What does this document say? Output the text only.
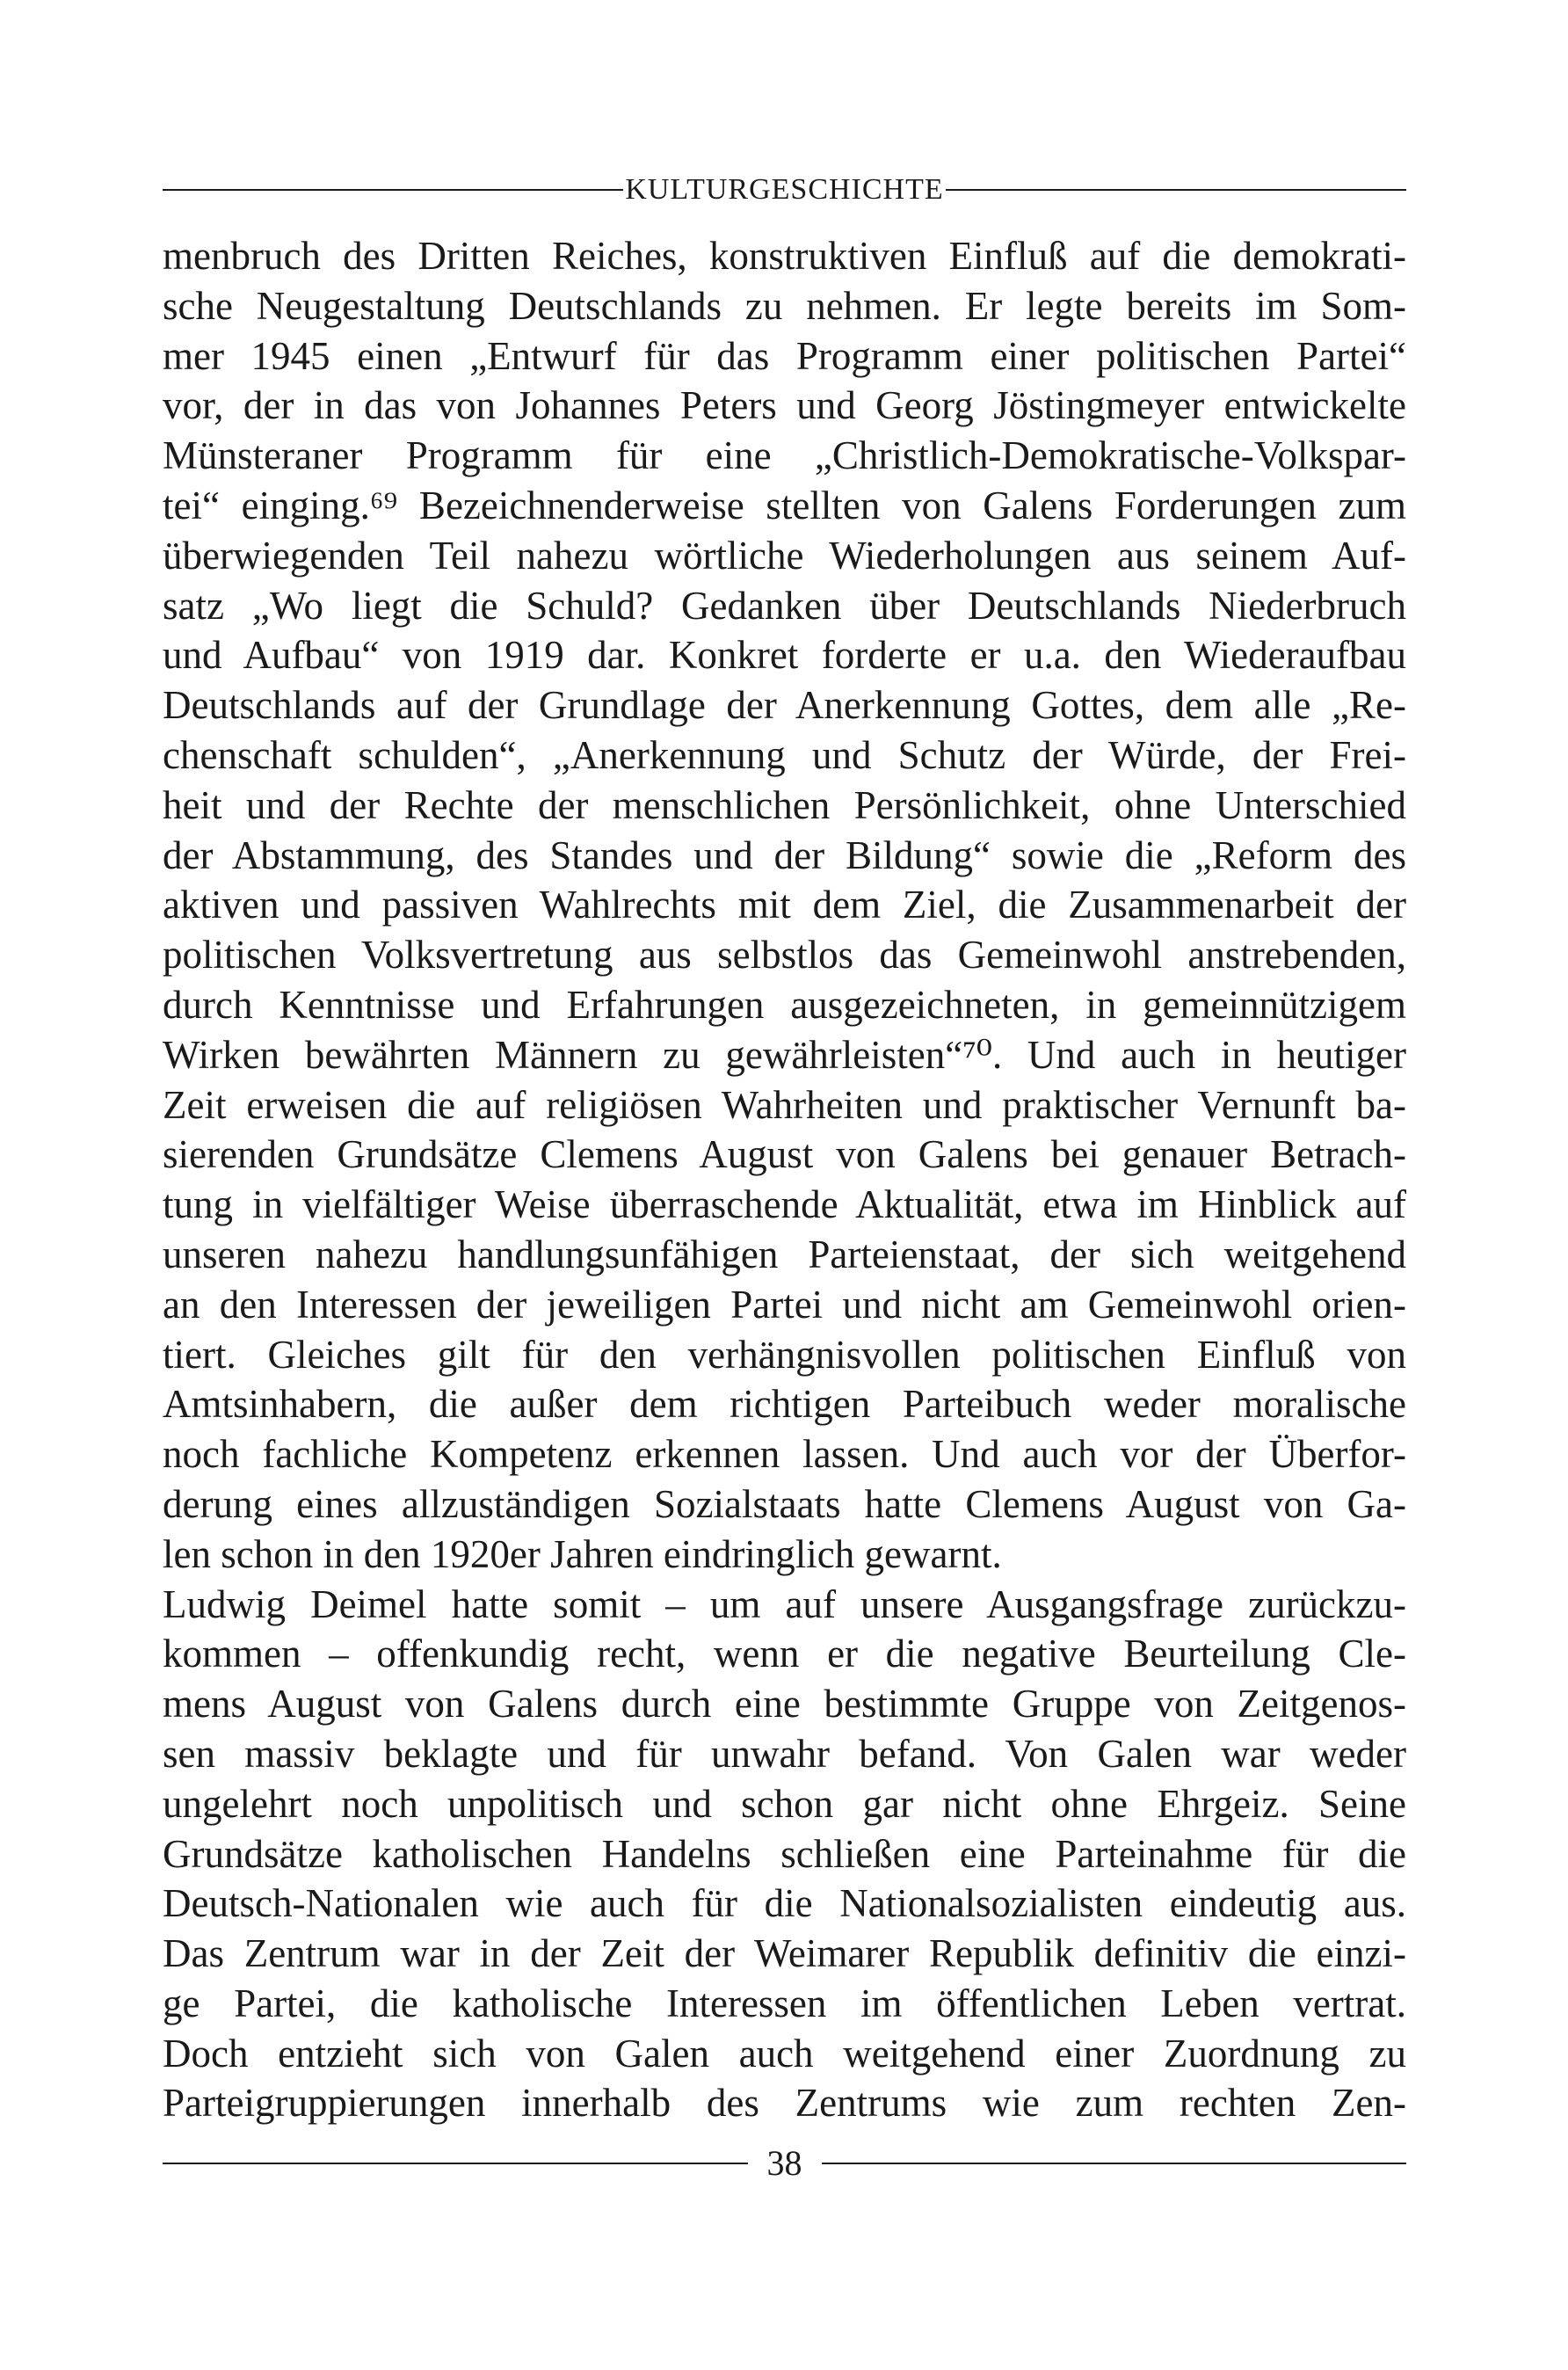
KULTURGESCHICHTE
menbruch des Dritten Reiches, konstruktiven Einfluß auf die demokrati-
sche Neugestaltung Deutschlands zu nehmen. Er legte bereits im Som-
mer 1945 einen „Entwurf für das Programm einer politischen Partei“
vor, der in das von Johannes Peters und Georg Jöstingmeyer entwickelte
Münsteraner Programm für eine „Christlich-Demokratische-Volkspar-
tei“ einging.⁶⁹ Bezeichnenderweise stellten von Galens Forderungen zum
überwiegenden Teil nahezu wörtliche Wiederholungen aus seinem Auf-
satz „Wo liegt die Schuld? Gedanken über Deutschlands Niederbruch
und Aufbau“ von 1919 dar. Konkret forderte er u.a. den Wiederaufbau
Deutschlands auf der Grundlage der Anerkennung Gottes, dem alle „Re-
chenschaft schulden“, „Anerkennung und Schutz der Würde, der Frei-
heit und der Rechte der menschlichen Persönlichkeit, ohne Unterschied
der Abstammung, des Standes und der Bildung“ sowie die „Reform des
aktiven und passiven Wahlrechts mit dem Ziel, die Zusammenarbeit der
politischen Volksvertretung aus selbstlos das Gemeinwohl anstrebenden,
durch Kenntnisse und Erfahrungen ausgezeichneten, in gemeinnützigem
Wirken bewährten Männern zu gewährleisten“⁷⁰. Und auch in heutiger
Zeit erweisen die auf religiösen Wahrheiten und praktischer Vernunft ba-
sierenden Grundsätze Clemens August von Galens bei genauer Betrach-
tung in vielfältiger Weise überraschende Aktualität, etwa im Hinblick auf
unseren nahezu handlungsunfähigen Parteienstaat, der sich weitgehend
an den Interessen der jeweiligen Partei und nicht am Gemeinwohl orien-
tiert. Gleiches gilt für den verhängnisvollen politischen Einfluß von
Amtsinhabern, die außer dem richtigen Parteibuch weder moralische
noch fachliche Kompetenz erkennen lassen. Und auch vor der Überfor-
derung eines allzuständigen Sozialstaats hatte Clemens August von Ga-
len schon in den 1920er Jahren eindringlich gewarnt.
Ludwig Deimel hatte somit – um auf unsere Ausgangsfrage zurückzu-
kommen – offenkundig recht, wenn er die negative Beurteilung Cle-
mens August von Galens durch eine bestimmte Gruppe von Zeitgenos-
sen massiv beklagte und für unwahr befand. Von Galen war weder
ungelehrt noch unpolitisch und schon gar nicht ohne Ehrgeiz. Seine
Grundsätze katholischen Handelns schließen eine Parteinahme für die
Deutsch-Nationalen wie auch für die Nationalsozialisten eindeutig aus.
Das Zentrum war in der Zeit der Weimarer Republik definitiv die einzi-
ge Partei, die katholische Interessen im öffentlichen Leben vertrat.
Doch entzieht sich von Galen auch weitgehend einer Zuordnung zu
Parteigruppierungen innerhalb des Zentrums wie zum rechten Zen-
38
